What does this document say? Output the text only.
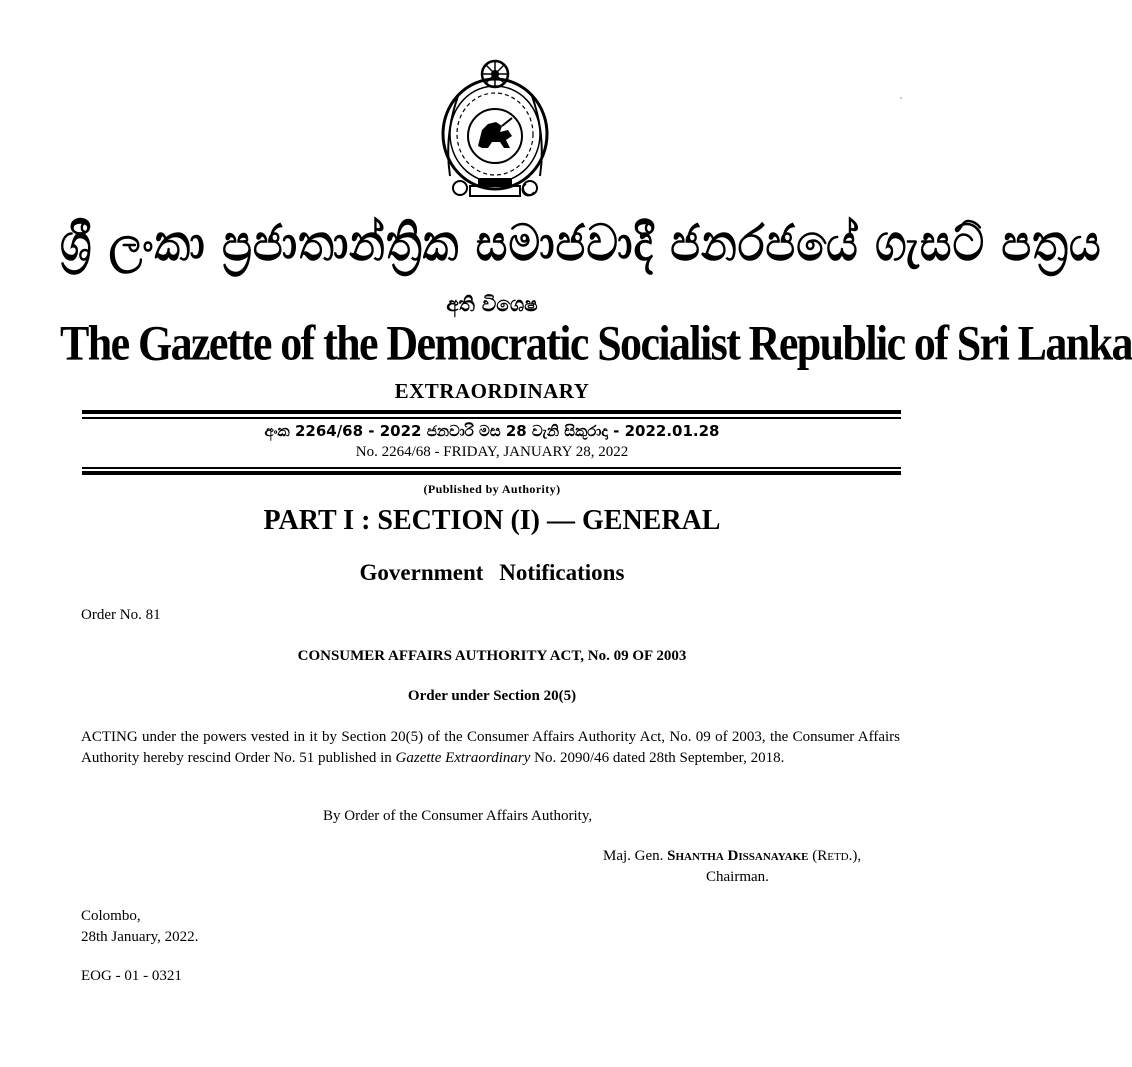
ශ්‍රී ලංකා ප්‍රජාතාන්ත්‍රික සමාජවාදී ජනරජයේ ගැසට් පත්‍රය
අති විශෙෂ
The Gazette of the Democratic Socialist Republic of Sri Lanka
EXTRAORDINARY
අංක 2264/68 - 2022 ජනවාරි මස 28 වැනි සිකුරාදා - 2022.01.28
No. 2264/68 - FRIDAY, JANUARY 28, 2022
(Published by Authority)
PART I : SECTION (I) — GENERAL
Government Notifications
Order No. 81
CONSUMER AFFAIRS AUTHORITY ACT, No. 09 OF 2003
Order under Section 20(5)
ACTING under the powers vested in it by Section 20(5) of the Consumer Affairs Authority Act, No. 09 of 2003, the Consumer Affairs Authority hereby rescind Order No. 51 published in Gazette Extraordinary No. 2090/46 dated 28th September, 2018.
By Order of the Consumer Affairs Authority,
Maj. Gen. Shantha Dissanayake (Retd.),
Chairman.
Colombo,
28th January, 2022.
EOG - 01 - 0321
